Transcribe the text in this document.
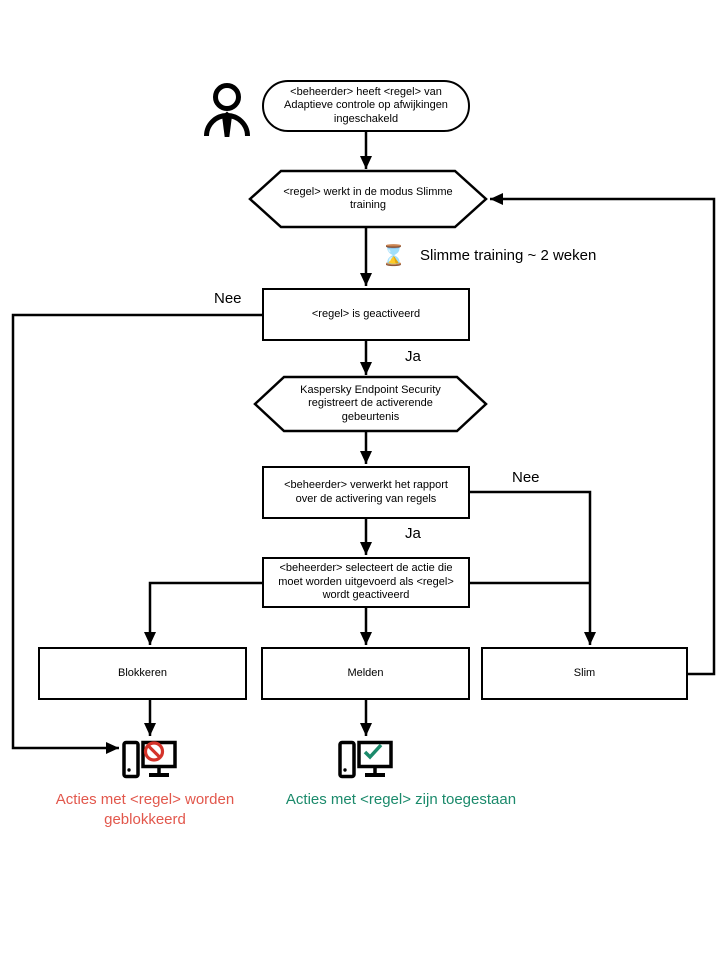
<beheerder> heeft <regel> van Adaptieve controle op afwijkingen ingeschakeld
<regel> werkt in de modus Slimme training
⌛ Slimme training ~ 2 weken
<regel> is geactiveerd
Nee
Ja
Kaspersky Endpoint Security registreert de activerende gebeurtenis
<beheerder> verwerkt het rapport over de activering van regels
Nee
Ja
<beheerder> selecteert de actie die moet worden uitgevoerd als <regel> wordt geactiveerd
Blokkeren	Melden	Slim
Acties met <regel> worden geblokkeerd
Acties met <regel> zijn toegestaan
